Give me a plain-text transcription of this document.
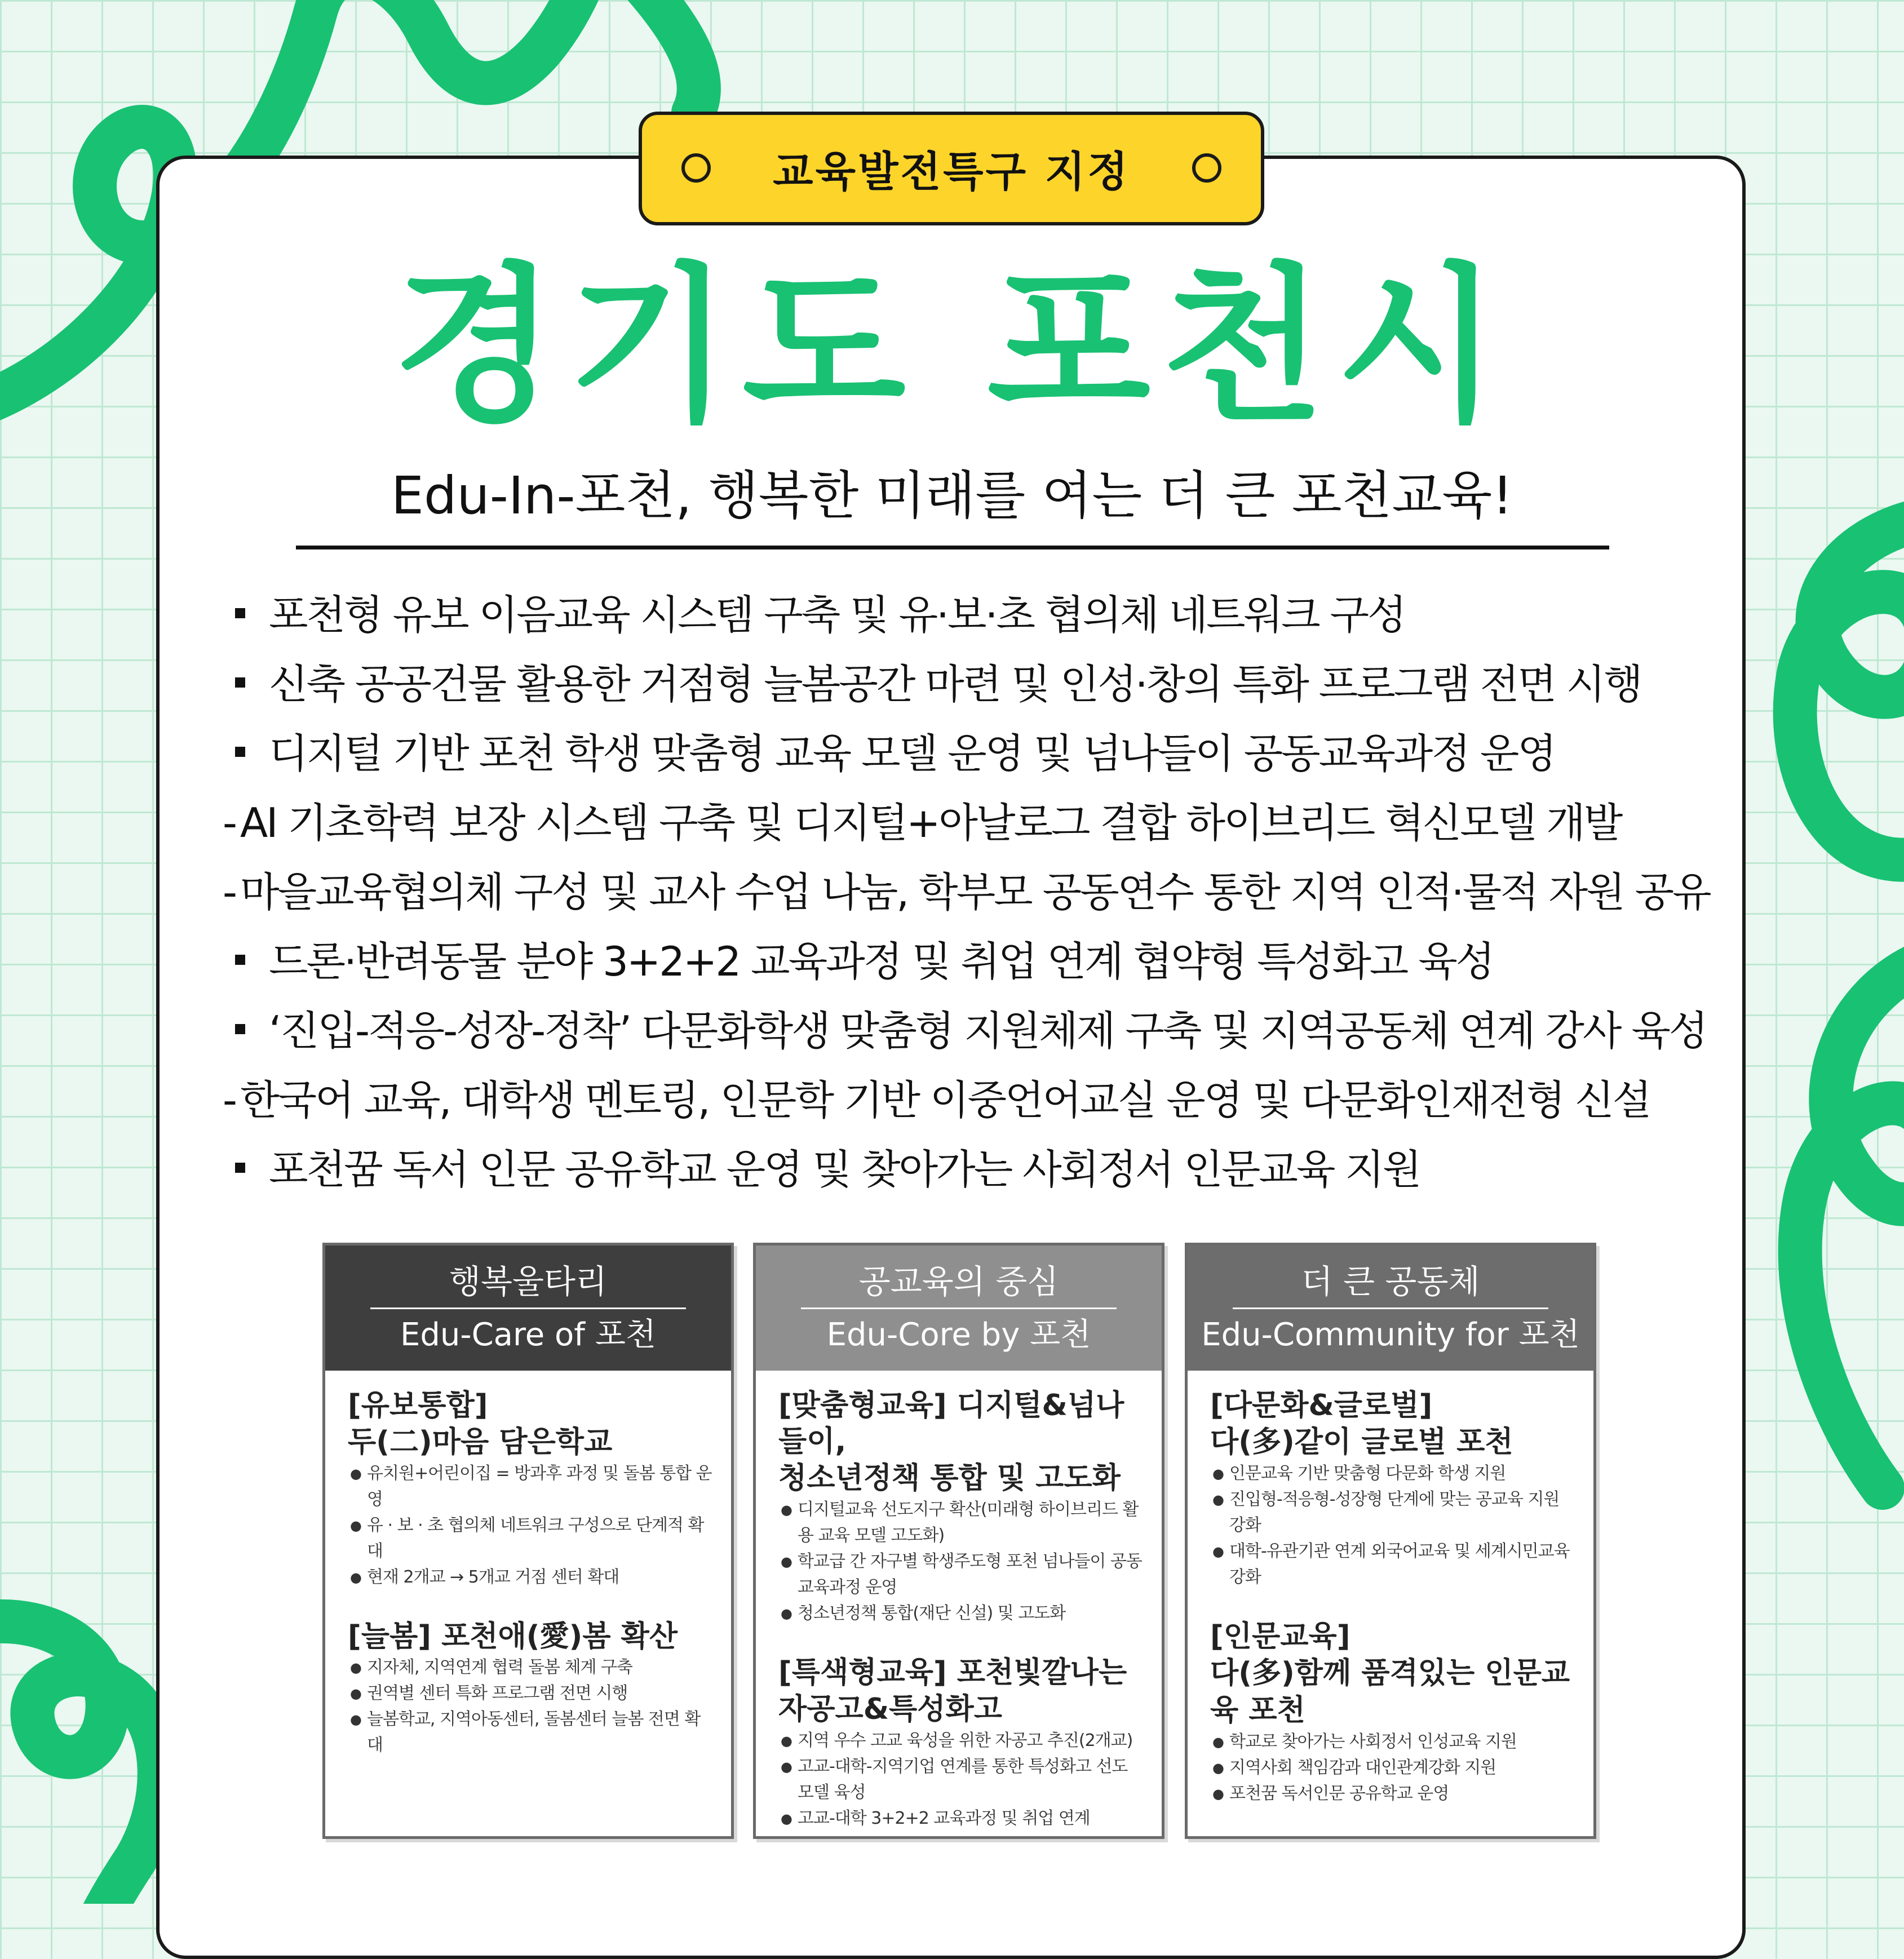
교육발전특구 지정
경기도 포천시
Edu-In-포천, 행복한 미래를 여는 더 큰 포천교육!
포천형 유보 이음교육 시스템 구축 및 유·보·초 협의체 네트워크 구성
신축 공공건물 활용한 거점형 늘봄공간 마련 및 인성·창의 특화 프로그램 전면 시행
디지털 기반 포천 학생 맞춤형 교육 모델 운영 및 넘나들이 공동교육과정 운영
- AI 기초학력 보장 시스템 구축 및 디지털+아날로그 결합 하이브리드 혁신모델 개발
- 마을교육협의체 구성 및 교사 수업 나눔, 학부모 공동연수 통한 지역 인적·물적 자원 공유
드론·반려동물 분야 3+2+2 교육과정 및 취업 연계 협약형 특성화고 육성
‘진입-적응-성장-정착’ 다문화학생 맞춤형 지원체제 구축 및 지역공동체 연계 강사 육성
- 한국어 교육, 대학생 멘토링, 인문학 기반 이중언어교실 운영 및 다문화인재전형 신설
포천꿈 독서 인문 공유학교 운영 및 찾아가는 사회정서 인문교육 지원
행복울타리
Edu-Care of 포천
[유보통합]
두(二)마음 담은학교
● 유치원+어린이집 = 방과후 과정 및 돌봄 통합 운영
● 유 · 보 · 초 협의체 네트워크 구성으로 단계적 확대
● 현재 2개교 → 5개교 거점 센터 확대
[늘봄] 포천애(愛)봄 확산
● 지자체, 지역연계 협력 돌봄 체계 구축
● 권역별 센터 특화 프로그램 전면 시행
● 늘봄학교, 지역아동센터, 돌봄센터 늘봄 전면 확대
공교육의 중심
Edu-Core by 포천
[맞춤형교육] 디지털&넘나들이,
청소년정책 통합 및 고도화
● 디지털교육 선도지구 확산(미래형 하이브리드 활용 교육 모델 고도화)
● 학교급 간 자구별 학생주도형 포천 넘나들이 공동교육과정 운영
● 청소년정책 통합(재단 신설) 및 고도화
[특색형교육] 포천빛깔나는
자공고&특성화고
● 지역 우수 고교 육성을 위한 자공고 추진(2개교)
● 고교-대학-지역기업 연계를 통한 특성화고 선도 모델 육성
● 고교-대학 3+2+2 교육과정 및 취업 연계
더 큰 공동체
Edu-Community for 포천
[다문화&글로벌]
다(多)같이 글로벌 포천
● 인문교육 기반 맞춤형 다문화 학생 지원
● 진입형-적응형-성장형 단계에 맞는 공교육 지원 강화
● 대학-유관기관 연계 외국어교육 및 세계시민교육 강화
[인문교육]
다(多)함께 품격있는 인문교육 포천
● 학교로 찾아가는 사회정서 인성교육 지원
● 지역사회 책임감과 대인관계강화 지원
● 포천꿈 독서인문 공유학교 운영
